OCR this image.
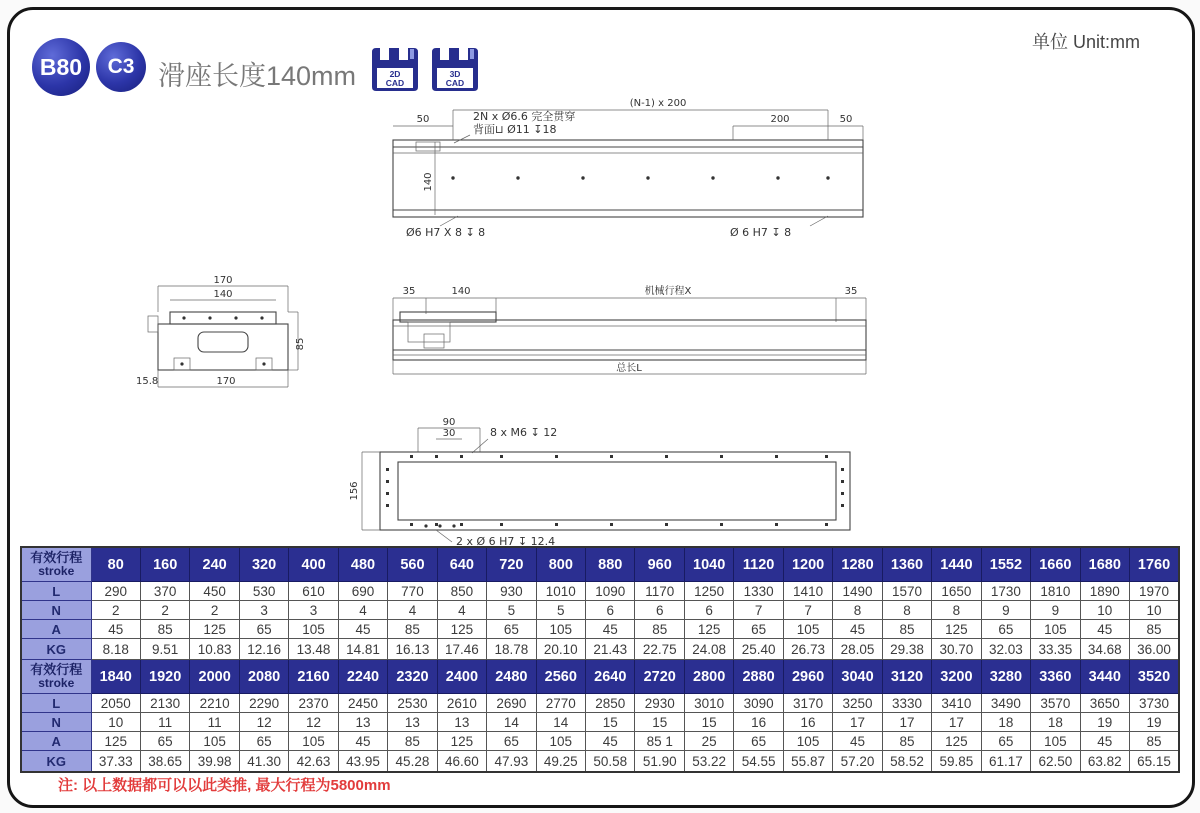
B80	C3 滑座长度140mm
单位 Unit:mm
2D
CAD
3D
CAD
(N-1) x 200
50	200	50
2N x Ø6.6 完全贯穿
背面⊔ Ø11 ↧18
140
Ø6 H7 X 8 ↧ 8	Ø 6 H7 ↧ 8
170
140
85
15.8	170
35	140	机械行程X	35
总长L
90
30	8 x M6 ↧ 12
156
2 x Ø 6 H7 ↧ 12.4
有效行程
stroke	80	160	240	320	400	480	560	640	720	800	880	960	1040	1120	1200	1280	1360	1440	1552	1660	1680	1760
L	290	370	450	530	610	690	770	850	930	1010	1090	1170	1250	1330	1410	1490	1570	1650	1730	1810	1890	1970
N	2	2	2	3	3	4	4	4	5	5	6	6	6	7	7	8	8	8	9	9	10	10
A	45	85	125	65	105	45	85	125	65	105	45	85	125	65	105	45	85	125	65	105	45	85
KG	8.18	9.51	10.83	12.16	13.48	14.81	16.13	17.46	18.78	20.10	21.43	22.75	24.08	25.40	26.73	28.05	29.38	30.70	32.03	33.35	34.68	36.00

有效行程
stroke	1840	1920	2000	2080	2160	2240	2320	2400	2480	2560	2640	2720	2800	2880	2960	3040	3120	3200	3280	3360	3440	3520
L	2050	2130	2210	2290	2370	2450	2530	2610	2690	2770	2850	2930	3010	3090	3170	3250	3330	3410	3490	3570	3650	3730
N	10	11	11	12	12	13	13	13	14	14	15	15	15	16	16	17	17	17	18	18	19	19
A	125	65	105	65	105	45	85	125	65	105	45	85 1	25	65	105	45	85	125	65	105	45	85
KG	37.33	38.65	39.98	41.30	42.63	43.95	45.28	46.60	47.93	49.25	50.58	51.90	53.22	54.55	55.87	57.20	58.52	59.85	61.17	62.50	63.82	65.15
注: 以上数据都可以以此类推, 最大行程为5800mm
